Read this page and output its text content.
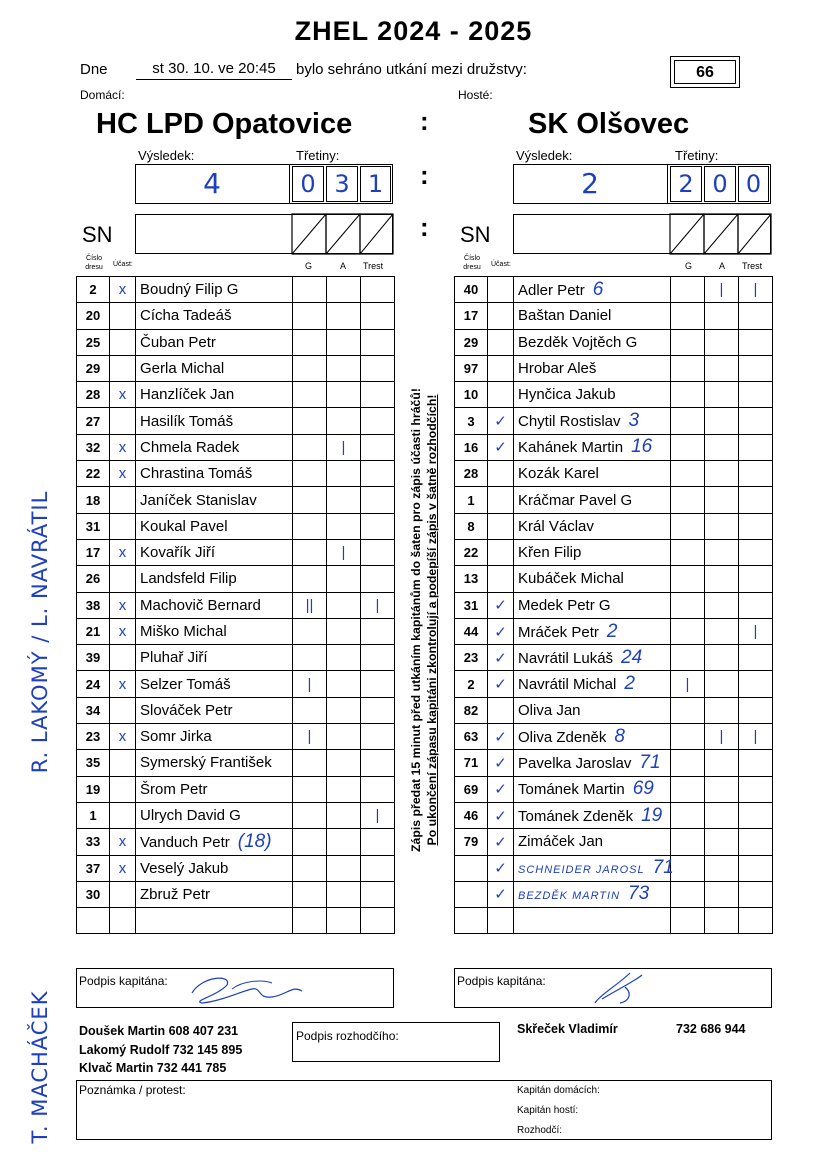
ZHEL 2024 - 2025
Dne	st 30. 10. ve 20:45	bylo sehráno utkání mezi družstvy:	66
Domácí:	Hosté:
HC LPD Opatovice	:	SK Olšovec
Výsledek:	Třetiny:	Výsledek:	Třetiny:
4	0 3 1 :	2	2 0 0
SN	: SN
Číslo dresu	Účast:	G	A Trest
Číslo dresu	Účast:	G	A Trest
2	x	Boudný Filip G			
20		Cícha Tadeáš			
25		Čuban Petr			
29		Gerla Michal			
28	x	Hanzlíček Jan			
27		Hasilík Tomáš			
32	x	Chmela Radek		|	
22	x	Chrastina Tomáš			
18		Janíček Stanislav			
31		Koukal Pavel			
17	x	Kovařík Jiří		|	
26		Landsfeld Filip			
38	x	Machovič Bernard	||		|
21	x	Miško Michal			
39		Pluhař Jiří			
24	x	Selzer Tomáš	|		
34		Slováček Petr			
23	x	Somr Jirka	|		
35		Symerský František			
19		Šrom Petr			
1		Ulrych David G			|
33	x	Vanduch Petr (18)			
37	x	Veselý Jakub			
30		Zbruž Petr			

40		Adler Petr 6		|	|
17		Baštan Daniel			
29		Bezděk Vojtěch G			
97		Hrobar Aleš			
10		Hynčica Jakub			
3	✓	Chytil Rostislav 3			
16	✓	Kahánek Martin 16			
28		Kozák Karel			
1		Kráčmar Pavel G			
8		Král Václav			
22		Křen Filip			
13		Kubáček Michal			
31	✓	Medek Petr G			
44	✓	Mráček Petr 2			|
23	✓	Navrátil Lukáš 24			
2	✓	Navrátil Michal 2	|		
82		Oliva Jan			
63	✓	Oliva Zdeněk 8		|	|
71	✓	Pavelka Jaroslav 71			
69	✓	Tománek Martin 69			
46	✓	Tománek Zdeněk 19			
79	✓	Zimáček Jan			
	✓	SCHNEIDER JAROSL 71			
	✓	BEZDĚK MARTIN 73			

Zápis předat 15 minut před utkáním kapitánům do šaten pro zápis účasti hráčů! Po ukončení zápasu kapitáni zkontrolují a podepíší zápis v šatně rozhodčích!
R. LAKOMÝ / L. NAVRÁTIL
T. MACHÁČEK
Podpis kapitána:	Podpis kapitána:
Doušek Martin 608 407 231
Lakomý Rudolf 732 145 895
Klvač Martin 732 441 785
Podpis rozhodčího:	Skřeček Vladimír	732 686 944
Poznámka / protest:	Kapitán domácích:
Kapitán hostí:
Rozhodčí:
